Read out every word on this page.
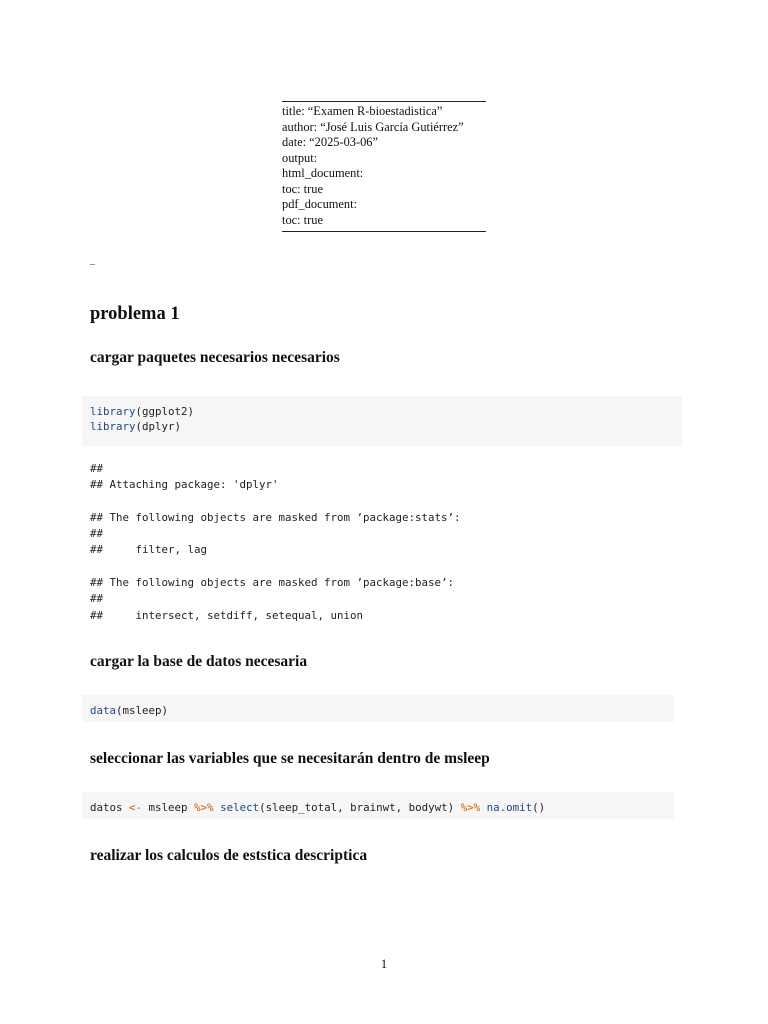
title: “Examen R-bioestadistica”
author: “José Luis García Gutiérrez”
date: “2025-03-06”
output:
html_document:
toc: true
pdf_document:
toc: true
–
problema 1
cargar paquetes necesarios necesarios
library(ggplot2)
library(dplyr)
##
## Attaching package: 'dplyr'
## The following objects are masked from ’package:stats’:
##
##     filter, lag
## The following objects are masked from ’package:base’:
##
##     intersect, setdiff, setequal, union
cargar la base de datos necesaria
data(msleep)
seleccionar las variables que se necesitarán dentro de msleep
datos <- msleep %>% select(sleep_total, brainwt, bodywt) %>% na.omit()
realizar los calculos de eststica descriptica
1
